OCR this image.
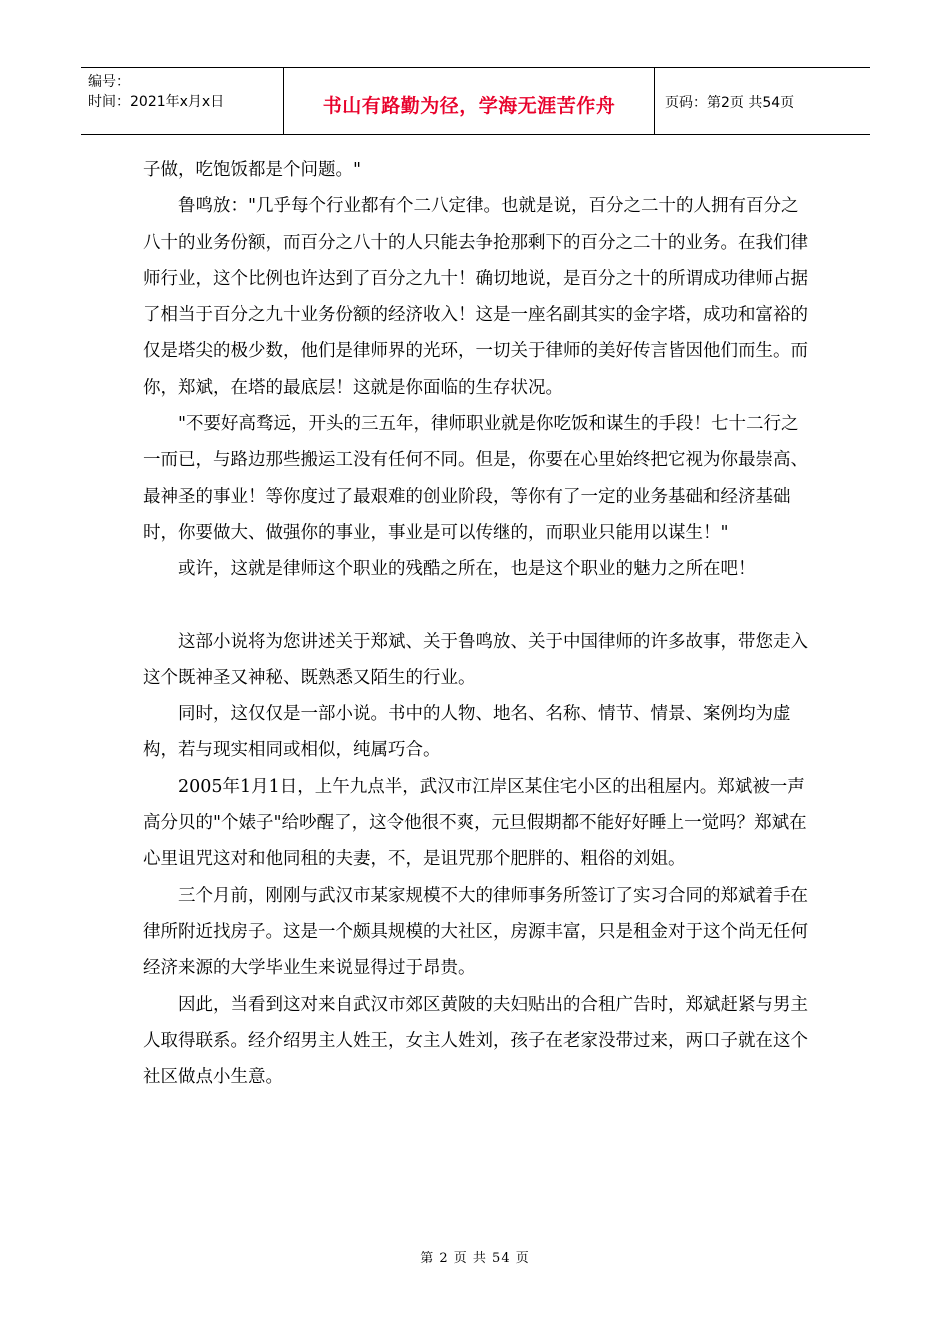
编号：
时间：2021年x月x日	书山有路勤为径，学海无涯苦作舟	页码：第2页 共54页

子做，吃饱饭都是个问题。"

鲁鸣放："几乎每个行业都有个二八定律。也就是说，百分之二十的人拥有百分之八十的业务份额，而百分之八十的人只能去争抢那剩下的百分之二十的业务。在我们律师行业，这个比例也许达到了百分之九十！确切地说，是百分之十的所谓成功律师占据了相当于百分之九十业务份额的经济收入！这是一座名副其实的金字塔，成功和富裕的仅是塔尖的极少数，他们是律师界的光环，一切关于律师的美好传言皆因他们而生。而你，郑斌，在塔的最底层！这就是你面临的生存状况。

"不要好高骛远，开头的三五年，律师职业就是你吃饭和谋生的手段！七十二行之一而已，与路边那些搬运工没有任何不同。但是，你要在心里始终把它视为你最崇高、最神圣的事业！等你度过了最艰难的创业阶段，等你有了一定的业务基础和经济基础时，你要做大、做强你的事业，事业是可以传继的，而职业只能用以谋生！"

或许，这就是律师这个职业的残酷之所在，也是这个职业的魅力之所在吧！

这部小说将为您讲述关于郑斌、关于鲁鸣放、关于中国律师的许多故事，带您走入这个既神圣又神秘、既熟悉又陌生的行业。

同时，这仅仅是一部小说。书中的人物、地名、名称、情节、情景、案例均为虚构，若与现实相同或相似，纯属巧合。

2005年1月1日，上午九点半，武汉市江岸区某住宅小区的出租屋内。郑斌被一声高分贝的"个婊子"给吵醒了，这令他很不爽，元旦假期都不能好好睡上一觉吗？郑斌在心里诅咒这对和他同租的夫妻，不，是诅咒那个肥胖的、粗俗的刘姐。

三个月前，刚刚与武汉市某家规模不大的律师事务所签订了实习合同的郑斌着手在律所附近找房子。这是一个颇具规模的大社区，房源丰富，只是租金对于这个尚无任何经济来源的大学毕业生来说显得过于昂贵。

因此，当看到这对来自武汉市郊区黄陂的夫妇贴出的合租广告时，郑斌赶紧与男主人取得联系。经介绍男主人姓王，女主人姓刘，孩子在老家没带过来，两口子就在这个社区做点小生意。

第 2 页 共 54 页
